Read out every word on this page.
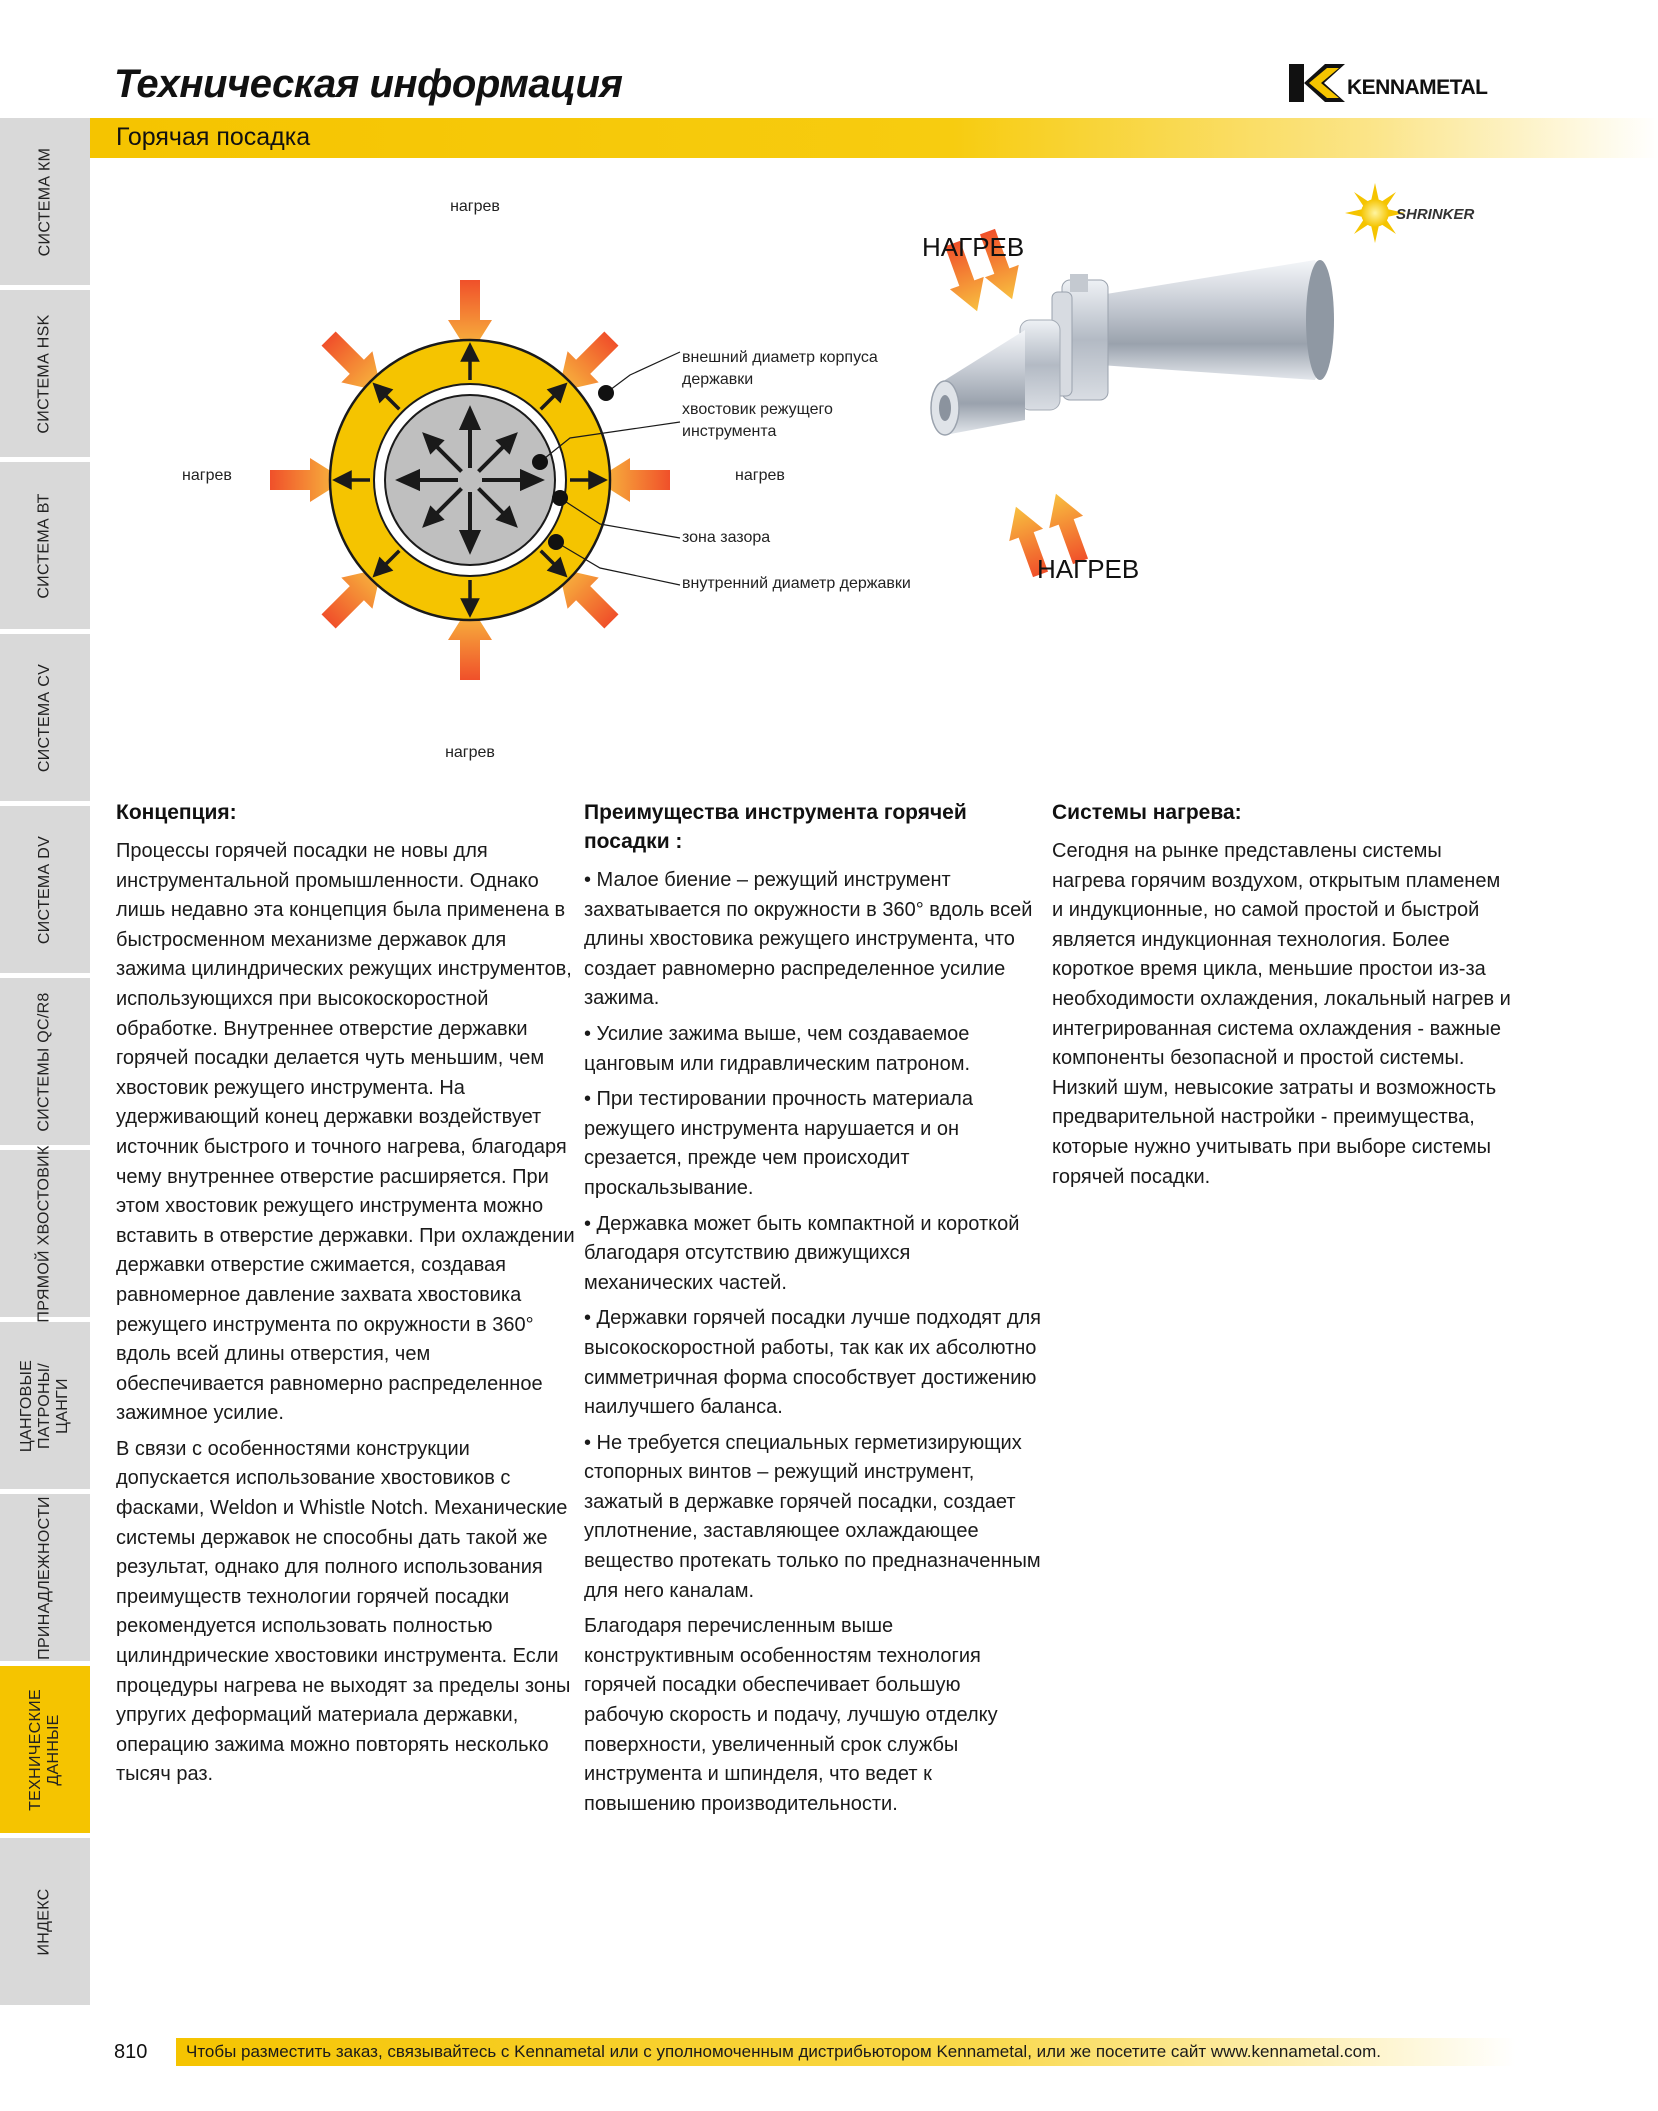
Техническая информация	KENNAMETAL
Горячая посадка
СИСТЕМА КМ
СИСТЕМА HSK
СИСТЕМА ВТ
СИСТЕМА CV
СИСТЕМА DV
СИСТЕМЫ QC/R8
ПРЯМОЙ ХВОСТОВИК
ЦАНГОВЫЕ ПАТРОНЫ/ЦАНГИ
ПРИНАДЛЕЖНОСТИ
ТЕХНИЧЕСКИЕ ДАННЫЕ
ИНДЕКС
нагрев
нагрев	нагрев
нагрев
внешний диаметр корпуса
державки
хвостовик режущего
инструмента
зона зазора
внутренний диаметр державки
НАГРЕВ
НАГРЕВ
SHRINKER
Концепция:

Процессы горячей посадки не новы для инструментальной промышленности. Однако лишь недавно эта концепция была применена в быстросменном механизме державок для зажима цилиндрических режущих инструментов, использующихся при высокоскоростной обработке. Внутреннее отверстие державки горячей посадки делается чуть меньшим, чем хвостовик режущего инструмента. На удерживающий конец державки воздействует источник быстрого и точного нагрева, благодаря чему внутреннее отверстие расширяется. При этом хвостовик режущего инструмента можно вставить в отверстие державки. При охлаждении державки отверстие сжимается, создавая равномерное давление захвата хвостовика режущего инструмента по окружности в 360° вдоль всей длины отверстия, чем обеспечивается равномерно распределенное зажимное усилие.

В связи с особенностями конструкции допускается использование хвостовиков с фасками, Weldon и Whistle Notch. Механические системы державок не способны дать такой же результат, однако для полного использования преимуществ технологии горячей посадки рекомендуется использовать полностью цилиндрические хвостовики инструмента. Если процедуры нагрева не выходят за пределы зоны упругих деформаций материала державки, операцию зажима можно повторять несколько тысяч раз.

Преимущества инструмента горячей посадки :

• Малое биение – режущий инструмент захватывается по окружности в 360° вдоль всей длины хвостовика режущего инструмента, что создает равномерно распределенное усилие зажима.

• Усилие зажима выше, чем создаваемое цанговым или гидравлическим патроном.

• При тестировании прочность материала режущего инструмента нарушается и он срезается, прежде чем происходит проскальзывание.

• Державка может быть компактной и короткой благодаря отсутствию движущихся механических частей.

• Державки горячей посадки лучше подходят для высокоскоростной работы, так как их абсолютно симметричная форма способствует достижению наилучшего баланса.

• Не требуется специальных герметизирующих стопорных винтов – режущий инструмент, зажатый в державке горячей посадки, создает уплотнение, заставляющее охлаждающее вещество протекать только по предназначенным для него каналам.

Благодаря перечисленным выше конструктивным особенностям технология горячей посадки обеспечивает большую рабочую скорость и подачу, лучшую отделку поверхности, увеличенный срок службы инструмента и шпинделя, что ведет к повышению производительности.

Системы нагрева:

Сегодня на рынке представлены системы нагрева горячим воздухом, открытым пламенем и индукционные, но самой простой и быстрой является индукционная технология. Более короткое время цикла, меньшие простои из-за необходимости охлаждения, локальный нагрев и интегрированная система охлаждения - важные компоненты безопасной и простой системы. Низкий шум, невысокие затраты и возможность предварительной настройки - преимущества, которые нужно учитывать при выборе системы горячей посадки.

810 Чтобы разместить заказ, связывайтесь с Kennametal или с уполномоченным дистрибьютором Kennametal, или же посетите сайт www.kennametal.com.
